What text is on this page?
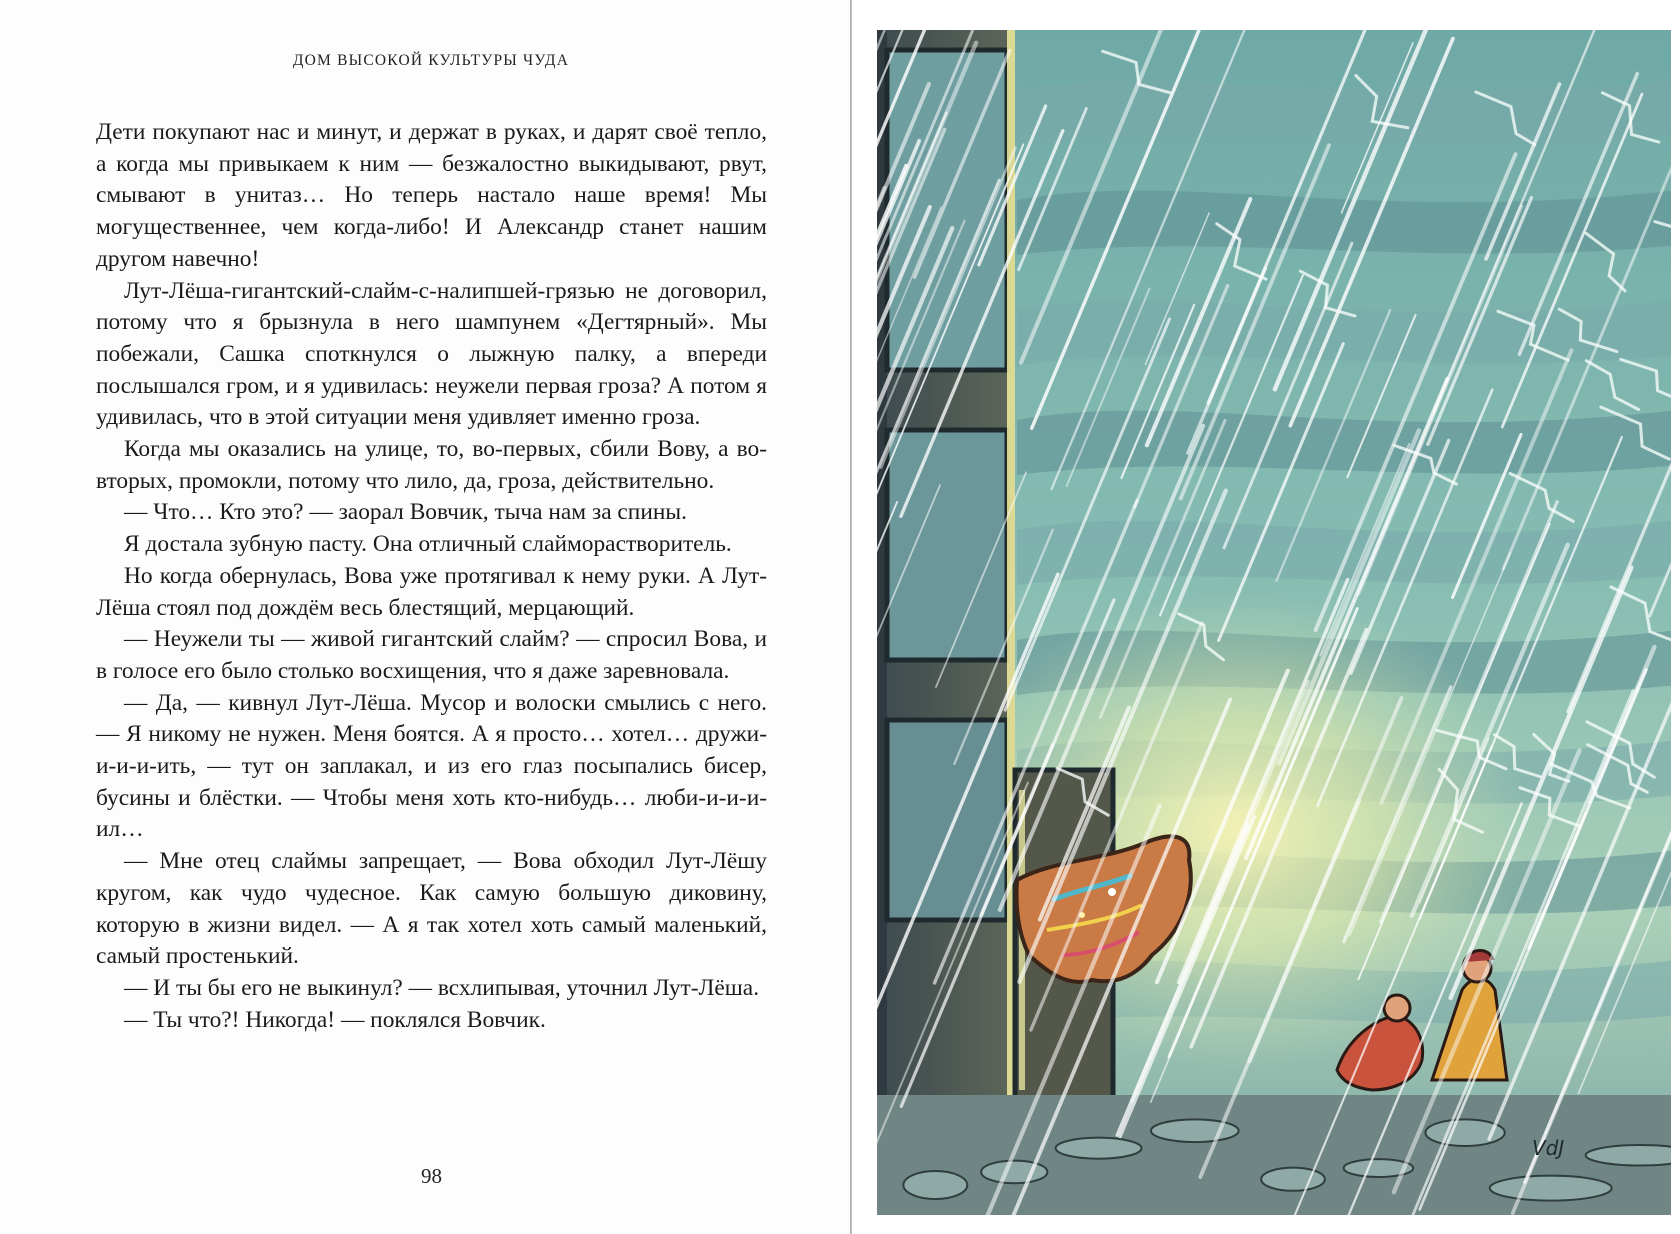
ДОМ ВЫСОКОЙ КУЛЬТУРЫ ЧУДА

Дети покупают нас и минут, и держат в руках, и дарят своё тепло, а когда мы привыкаем к ним — безжалостно выкидывают, рвут, смывают в унитаз… Но теперь настало наше время! Мы могущественнее, чем когда-либо! И Александр станет нашим другом навечно!

Лут-Лёша-гигантский-слайм-с-налипшей-грязью не договорил, потому что я брызнула в него шампунем «Дегтярный». Мы побежали, Сашка споткнулся о лыжную палку, а впереди послышался гром, и я удивилась: неужели первая гроза? А потом я удивилась, что в этой ситуации меня удивляет именно гроза.

Когда мы оказались на улице, то, во-первых, сбили Вову, а во-вторых, промокли, потому что лило, да, гроза, действительно.

— Что… Кто это? — заорал Вовчик, тыча нам за спины.

Я достала зубную пасту. Она отличный слайморастворитель.

Но когда обернулась, Вова уже протягивал к нему руки. А Лут-Лёша стоял под дождём весь блестящий, мерцающий.

— Неужели ты — живой гигантский слайм? — спросил Вова, и в голосе его было столько восхищения, что я даже заревновала.

— Да, — кивнул Лут-Лёша. Мусор и волоски смылись с него. — Я никому не нужен. Меня боятся. А я просто… хотел… дружи-и-и-и-ить, — тут он заплакал, и из его глаз посыпались бисер, бусины и блёстки. — Чтобы меня хоть кто-нибудь… люби-и-и-и-ил…

— Мне отец слаймы запрещает, — Вова обходил Лут-Лёшу кругом, как чудо чудесное. Как самую большую диковину, которую в жизни видел. — А я так хотел хоть самый маленький, самый простенький.

— И ты бы его не выкинул? — всхлипывая, уточнил Лут-Лёша.

— Ты что?! Никогда! — поклялся Вовчик.

98
VdJ
